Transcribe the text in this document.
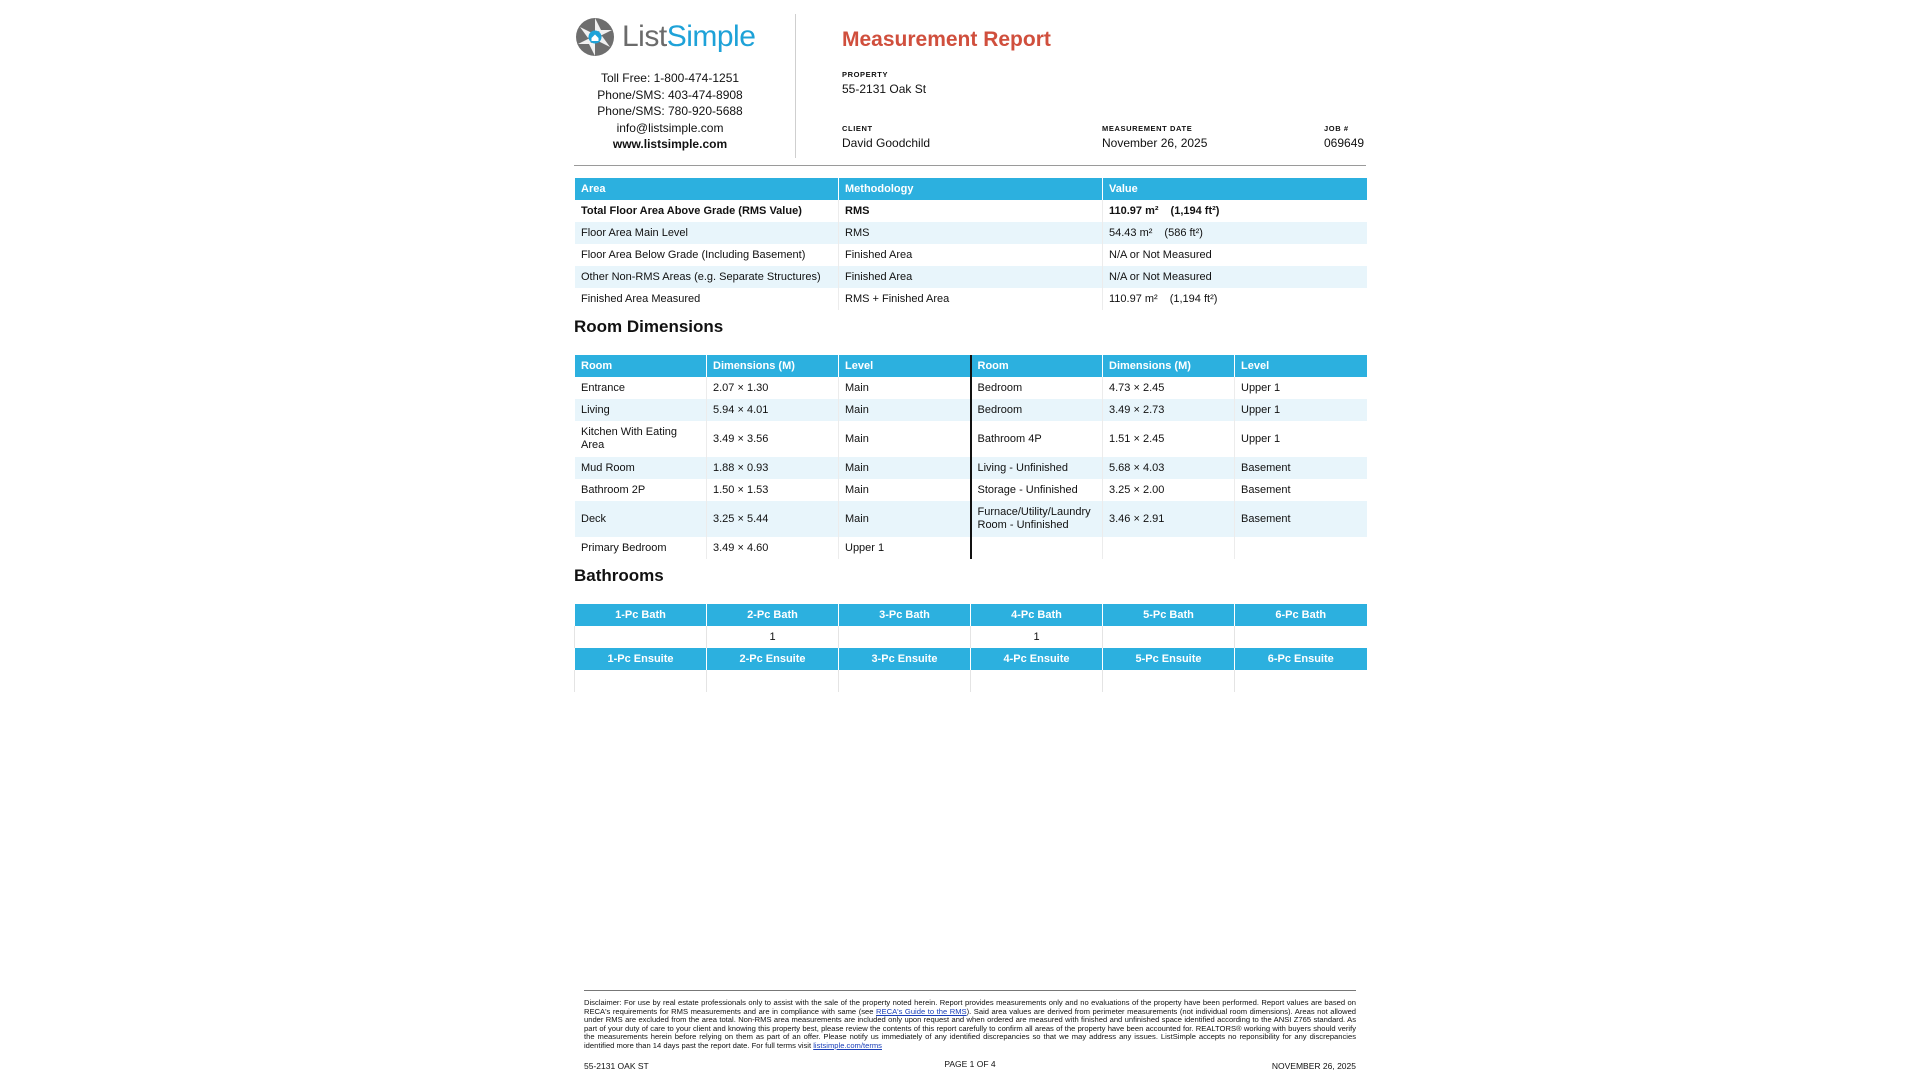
ListSimple
Toll Free: 1-800-474-1251
Phone/SMS: 403-474-8908
Phone/SMS: 780-920-5688
info@listsimple.com
www.listsimple.com
Measurement Report
PROPERTY
55-2131 Oak St
CLIENT
David Goodchild
MEASUREMENT DATE
November 26, 2025
JOB #
069649
Area	Methodology	Value
Total Floor Area Above Grade (RMS Value)	RMS	110.97 m² (1,194 ft²)
Floor Area Main Level	RMS	54.43 m² (586 ft²)
Floor Area Below Grade (Including Basement)	Finished Area	N/A or Not Measured
Other Non-RMS Areas (e.g. Separate Structures)	Finished Area	N/A or Not Measured
Finished Area Measured	RMS + Finished Area	110.97 m² (1,194 ft²)
Room Dimensions
Room	Dimensions (M)	Level	Room	Dimensions (M)	Level
Entrance	2.07 × 1.30	Main	Bedroom	4.73 × 2.45	Upper 1
Living	5.94 × 4.01	Main	Bedroom	3.49 × 2.73	Upper 1
Kitchen With Eating Area	3.49 × 3.56	Main	Bathroom 4P	1.51 × 2.45	Upper 1
Mud Room	1.88 × 0.93	Main	Living - Unfinished	5.68 × 4.03	Basement
Bathroom 2P	1.50 × 1.53	Main	Storage - Unfinished	3.25 × 2.00	Basement
Deck	3.25 × 5.44	Main	Furnace/Utility/Laundry Room - Unfinished	3.46 × 2.91	Basement
Primary Bedroom	3.49 × 4.60	Upper 1			
Bathrooms
1-Pc Bath	2-Pc Bath	3-Pc Bath	4-Pc Bath	5-Pc Bath	6-Pc Bath
	1		1		
1-Pc Ensuite	2-Pc Ensuite	3-Pc Ensuite	4-Pc Ensuite	5-Pc Ensuite	6-Pc Ensuite

Disclaimer: For use by real estate professionals only to assist with the sale of the property noted herein. Report provides measurements only and no evaluations of the property have been performed. Report values are based on RECA's requirements for RMS measurements and are in compliance with same (see RECA's Guide to the RMS). Said area values are derived from perimeter measurements (not individual room dimensions). Areas not allowed under RMS are excluded from the area total. Non-RMS area measurements are included only upon request and when ordered are measured with finished and unfinished space identified according to the ANSI Z765 standard. As part of your duty of care to your client and knowing this property best, please review the contents of this report carefully to confirm all areas of the property have been accounted for. REALTORS® working with buyers should verify the measurements herein before relying on them as part of an offer. Please notify us immediately of any identified discrepancies so that we may address any issues. ListSimple accepts no reponsibility for any discrepancies identified more than 14 days past the report date. For full terms visit listsimple.com/terms
55-2131 OAK ST	PAGE 1 OF 4	NOVEMBER 26, 2025
